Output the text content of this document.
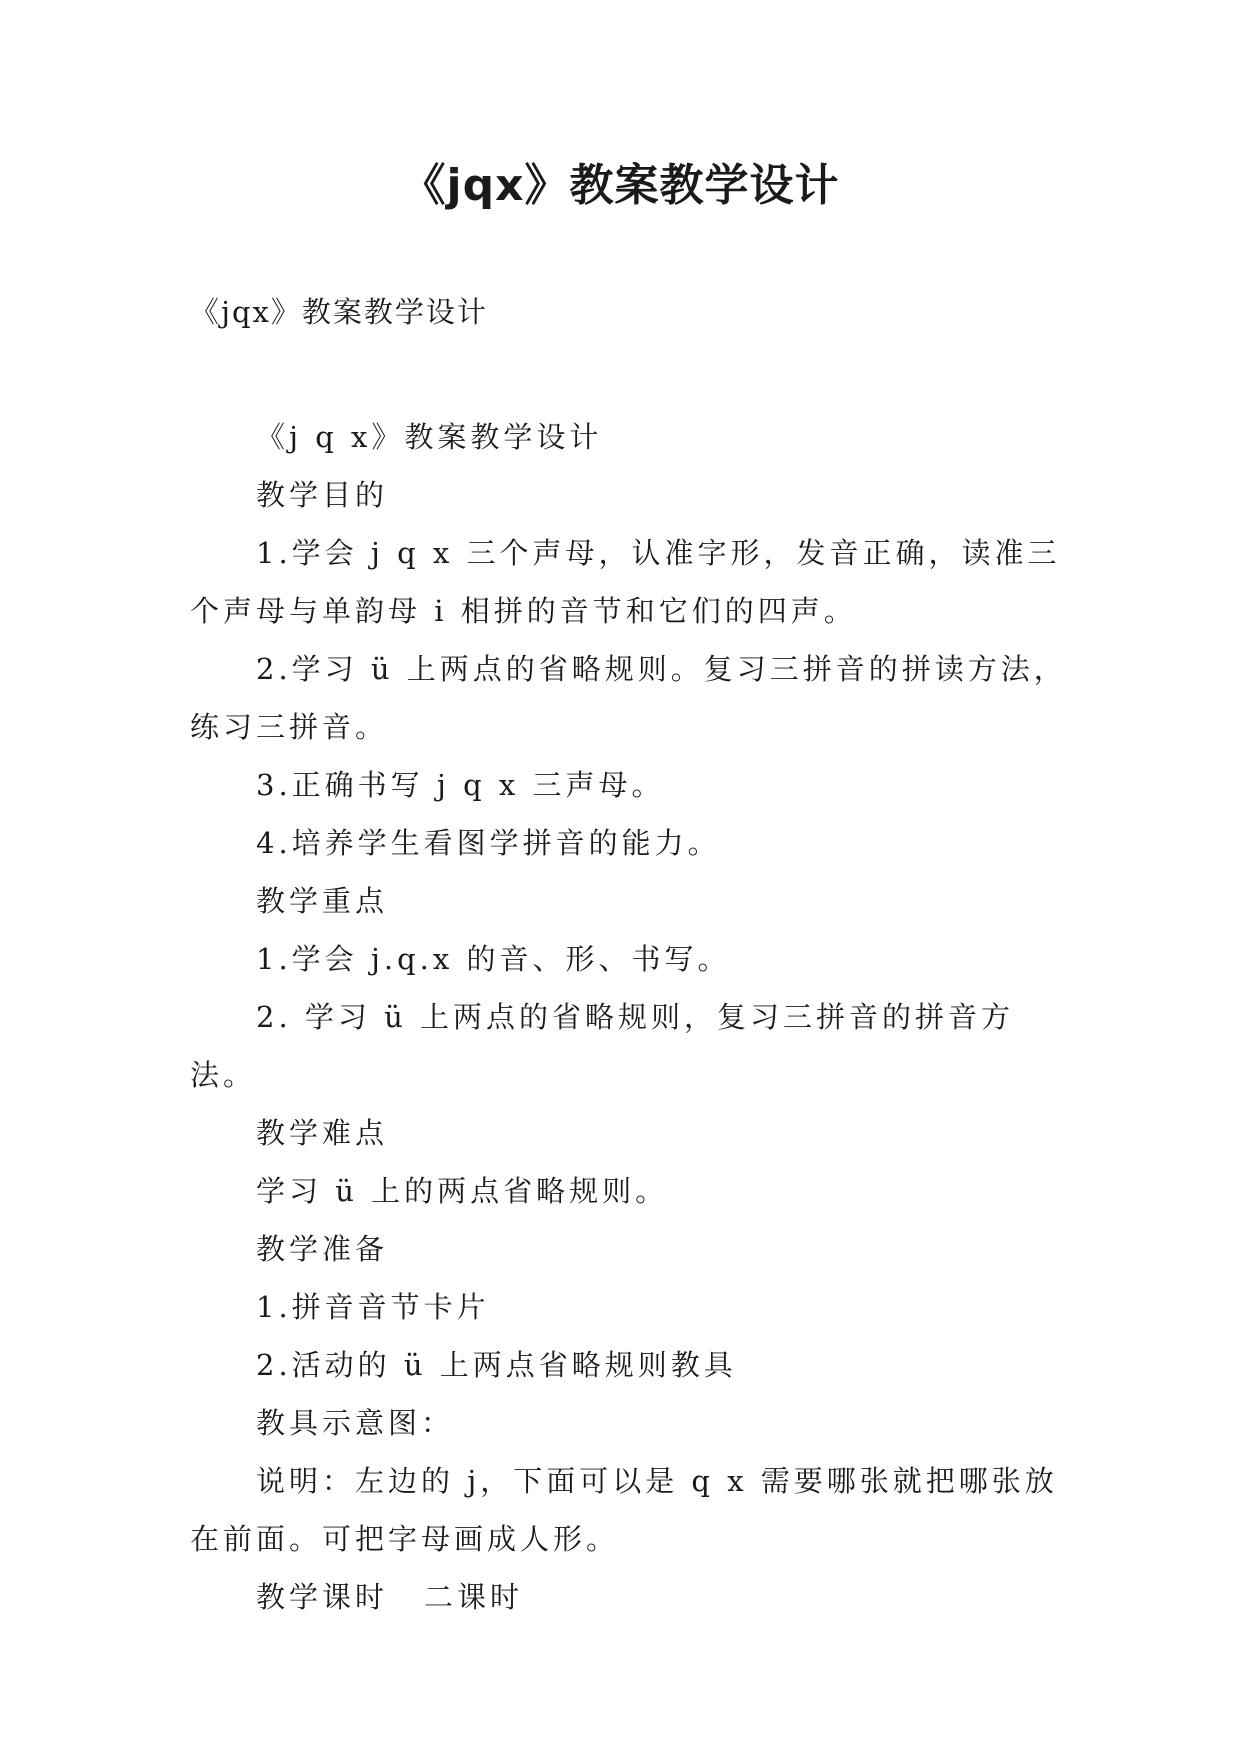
《jqx》教案教学设计

《jqx》教案教学设计

《j q x》教案教学设计

教学目的

1.学会 j q x 三个声母，认准字形，发音正确，读准三个声母与单韵母 i 相拼的音节和它们的四声。

2.学习 ü 上两点的省略规则。复习三拼音的拼读方法，练习三拼音。

3.正确书写 j q x 三声母。

4.培养学生看图学拼音的能力。

教学重点

1.学会 j.q.x 的音、形、书写。

2. 学习 ü 上两点的省略规则，复习三拼音的拼音方法。

教学难点

学习 ü 上的两点省略规则。

教学准备

1.拼音音节卡片

2.活动的 ü 上两点省略规则教具

教具示意图：

说明：左边的 j，下面可以是 q x 需要哪张就把哪张放在前面。可把字母画成人形。

教学课时 二课时
